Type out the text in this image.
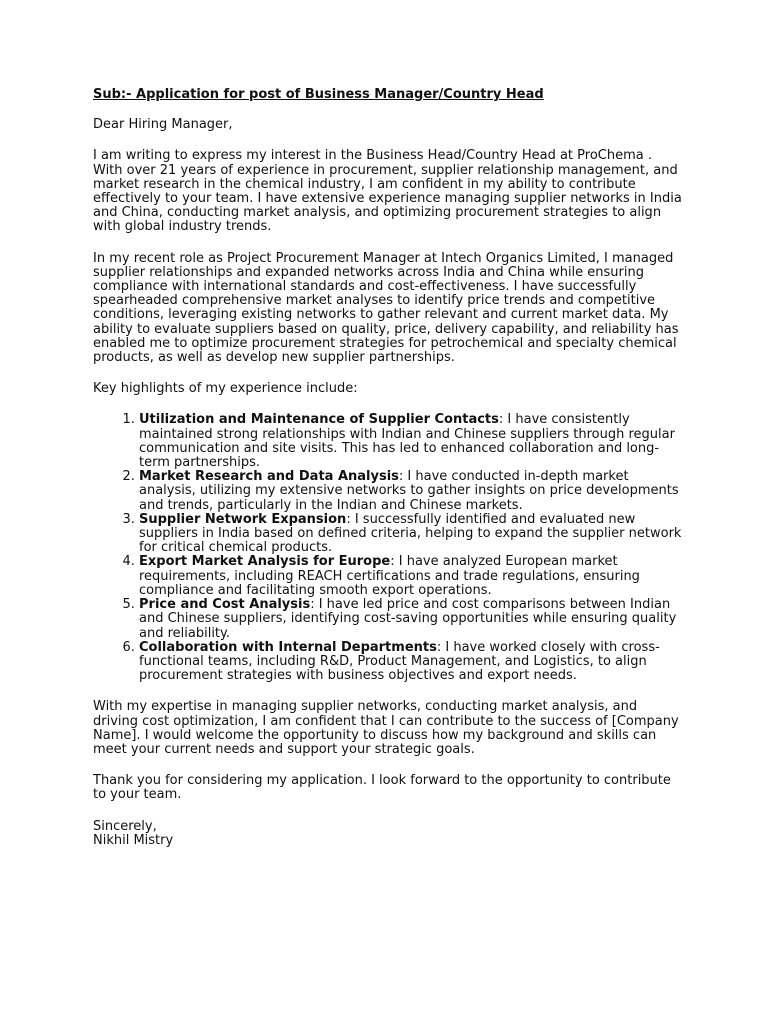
Sub:- Application for post of Business Manager/Country Head

Dear Hiring Manager,

I am writing to express my interest in the Business Head/Country Head at ProChema . With over 21 years of experience in procurement, supplier relationship management, and market research in the chemical industry, I am confident in my ability to contribute effectively to your team. I have extensive experience managing supplier networks in India and China, conducting market analysis, and optimizing procurement strategies to align with global industry trends.

In my recent role as Project Procurement Manager at Intech Organics Limited, I managed supplier relationships and expanded networks across India and China while ensuring compliance with international standards and cost-effectiveness. I have successfully spearheaded comprehensive market analyses to identify price trends and competitive conditions, leveraging existing networks to gather relevant and current market data. My ability to evaluate suppliers based on quality, price, delivery capability, and reliability has enabled me to optimize procurement strategies for petrochemical and specialty chemical products, as well as develop new supplier partnerships.

Key highlights of my experience include:

1. Utilization and Maintenance of Supplier Contacts: I have consistently maintained strong relationships with Indian and Chinese suppliers through regular communication and site visits. This has led to enhanced collaboration and long-term partnerships.
2. Market Research and Data Analysis: I have conducted in-depth market analysis, utilizing my extensive networks to gather insights on price developments and trends, particularly in the Indian and Chinese markets.
3. Supplier Network Expansion: I successfully identified and evaluated new suppliers in India based on defined criteria, helping to expand the supplier network for critical chemical products.
4. Export Market Analysis for Europe: I have analyzed European market requirements, including REACH certifications and trade regulations, ensuring compliance and facilitating smooth export operations.
5. Price and Cost Analysis: I have led price and cost comparisons between Indian and Chinese suppliers, identifying cost-saving opportunities while ensuring quality and reliability.
6. Collaboration with Internal Departments: I have worked closely with cross-functional teams, including R&D, Product Management, and Logistics, to align procurement strategies with business objectives and export needs.

With my expertise in managing supplier networks, conducting market analysis, and driving cost optimization, I am confident that I can contribute to the success of [Company Name]. I would welcome the opportunity to discuss how my background and skills can meet your current needs and support your strategic goals.

Thank you for considering my application. I look forward to the opportunity to contribute to your team.

Sincerely,

Nikhil Mistry
